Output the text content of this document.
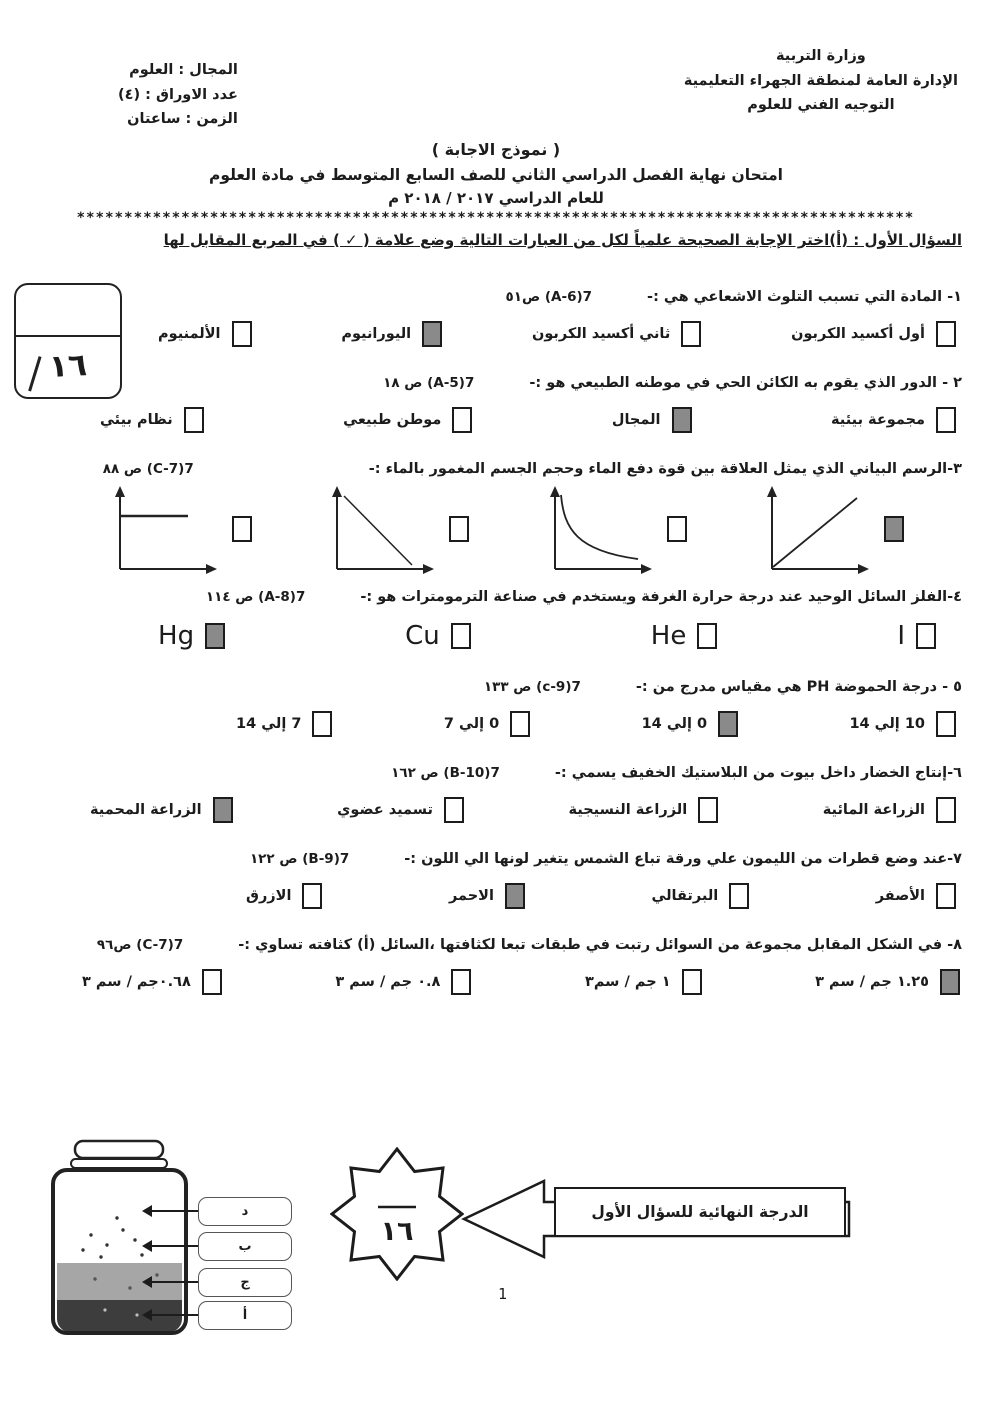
وزارة التربية
الإدارة العامة لمنطقة الجهراء التعليمية
التوجيه الفني للعلوم
المجال : العلوم
عدد الاوراق : (٤)
الزمن : ساعتان
( نموذج الاجابة )
امتحان نهاية الفصل الدراسي الثاني للصف السابع المتوسط في مادة العلوم
للعام الدراسي ٢٠١٧ / ٢٠١٨ م
****************************************************************************************
السؤال الأول : (أ)اختر الإجابة الصحيحة علمياً لكل من العبارات التالية وضع علامة ( ✓ ) في المربع المقابل لها
١٦
١- المادة التي تسبب التلوث الاشعاعي هي :-
7(A-6) ص٥١
أول أكسيد الكربون
ثاني أكسيد الكربون
اليورانيوم
الألمنيوم
٢ - الدور الذي يقوم به الكائن الحي في موطنه الطبيعي هو :-
7(A-5) ص ١٨
مجموعة بيئية
المجال
موطن طبيعي
نظام بيئي
٣-الرسم البياني الذي يمثل العلاقة بين قوة دفع الماء وحجم الجسم المغمور بالماء :-
7(C-7) ص ٨٨
٤-الفلز السائل الوحيد عند درجة حرارة الغرفة ويستخدم في صناعة الترمومترات هو :-
7(A-8) ص ١١٤
I
He
Cu
Hg
٥ - درجة الحموضة PH هي مقياس مدرج من :-
7(c-9) ص ١٣٣
10 إلي 14
0 إلي 14
0 إلي 7
7 إلي 14
٦-إنتاج الخضار داخل بيوت من البلاستيك الخفيف يسمي :-
7(B-10) ص ١٦٢
الزراعة المائية
الزراعة النسيجية
تسميد عضوي
الزراعة المحمية
٧-عند وضع قطرات من الليمون علي ورقة تباع الشمس يتغير لونها الي اللون :-
7(B-9) ص ١٢٢
الأصفر
البرتقالي
الاحمر
الازرق
٨- في الشكل المقابل مجموعة من السوائل رتبت في طبقات تبعا لكثافتها ،السائل (أ) كثافته تساوي :-
7(C-7) ص٩٦
١.٢٥ جم / سم ٣
١ جم / سم٣
٠.٨ جم / سم ٣
٠.٦٨جم / سم ٣
د
ب
ج
أ
١٦
الدرجة النهائية للسؤال الأول
1
